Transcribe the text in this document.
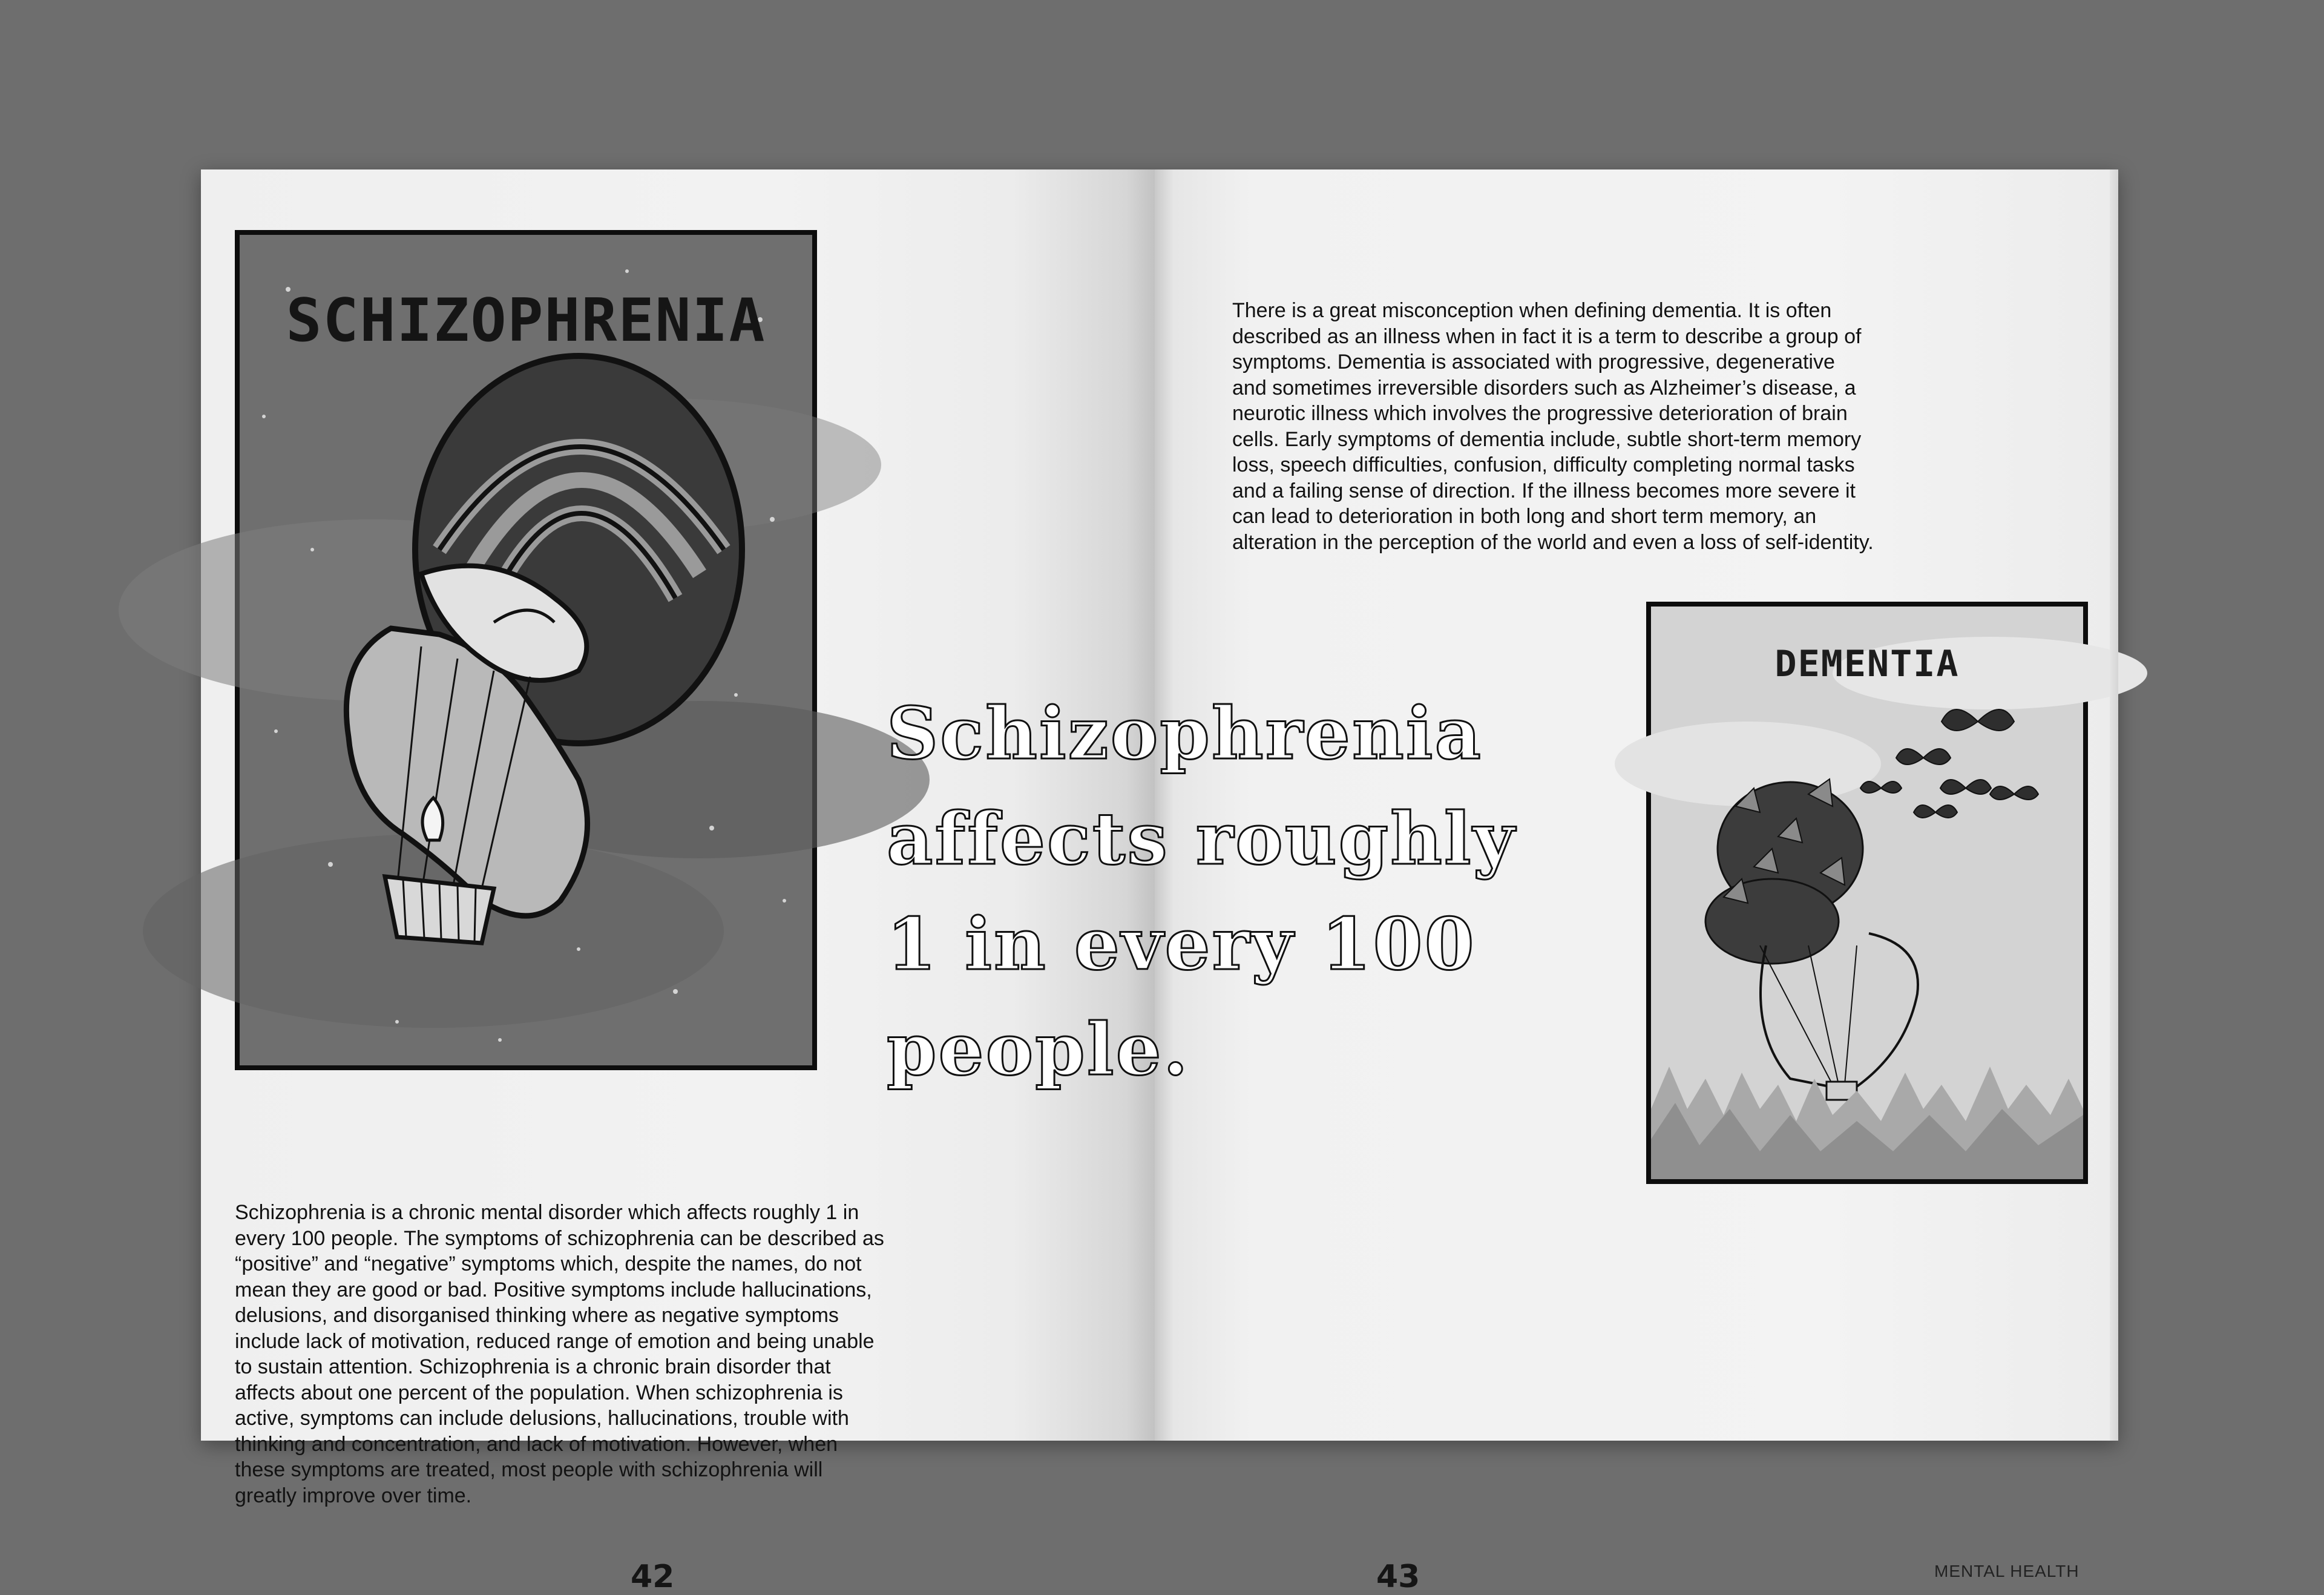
SCHIZOPHRENIA

Schizophrenia is a chronic mental disorder which affects roughly 1 in every 100 people. The symptoms of schizophrenia can be described as “positive” and “negative” symptoms which, despite the names, do not mean they are good or bad. Positive symptoms include hallucinations, delusions, and disorganised thinking where as negative symptoms include lack of motivation, reduced range of emotion and being unable to sustain attention. Schizophrenia is a chronic brain disorder that affects about one percent of the population. When schizophrenia is active, symptoms can include delusions, hallucinations, trouble with thinking and concentration, and lack of motivation. However, when these symptoms are treated, most people with schizophrenia will greatly improve over time.

42

There is a great misconception when defining dementia. It is often described as an illness when in fact it is a term to describe a group of symptoms. Dementia is associated with progressive, degenerative and sometimes irreversible disorders such as Alzheimer’s disease, a neurotic illness which involves the progressive deterioration of brain cells. Early symptoms of dementia include, subtle short-term memory loss, speech difficulties, confusion, difficulty completing normal tasks and a failing sense of direction. If the illness becomes more severe it can lead to deterioration in both long and short term memory, an alteration in the perception of the world and even a loss of self-identity.

DEMENTIA

43	MENTAL HEALTH

Schizophrenia affects roughly 1 in every 100 people.
